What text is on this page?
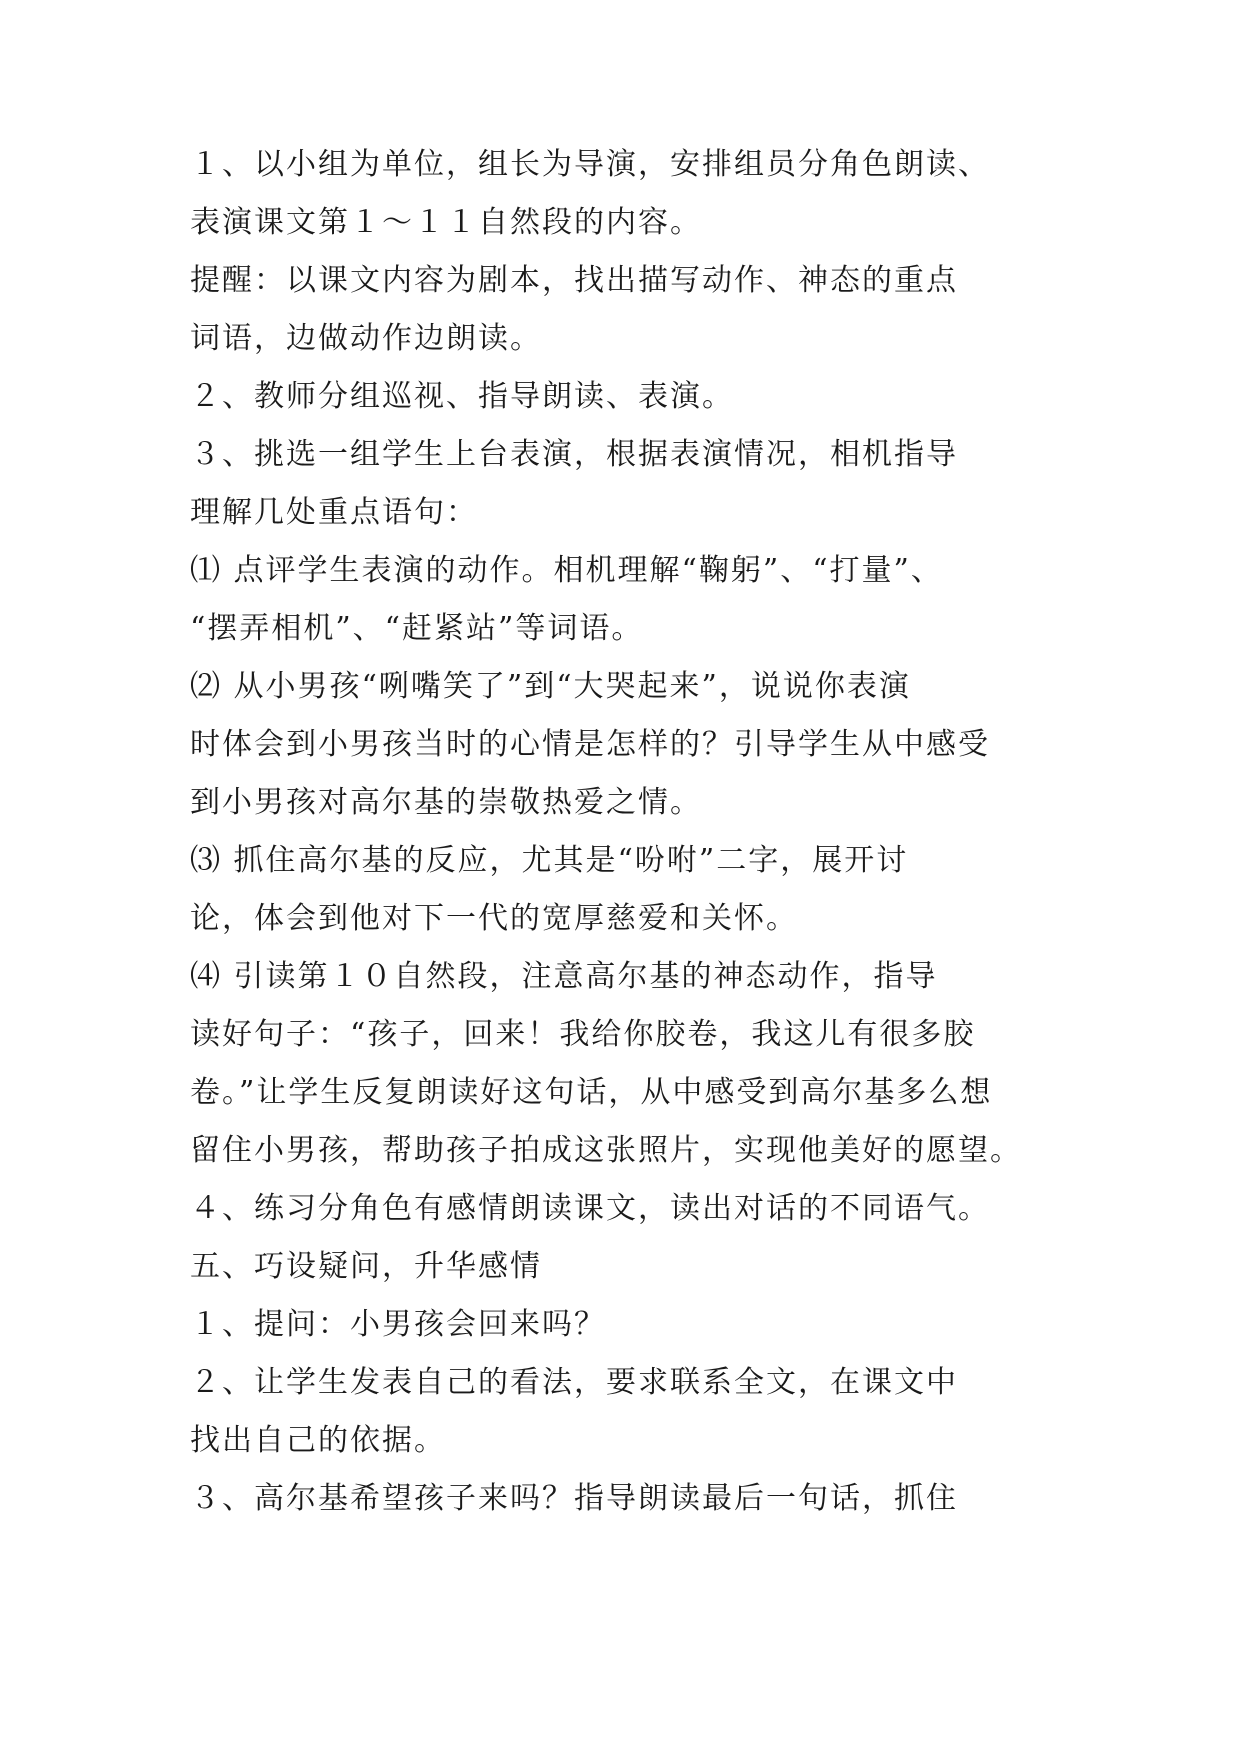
１、以小组为单位，组长为导演，安排组员分角色朗读、
表演课文第１～１１自然段的内容。
提醒：以课文内容为剧本，找出描写动作、神态的重点
词语，边做动作边朗读。
２、教师分组巡视、指导朗读、表演。
３、挑选一组学生上台表演，根据表演情况，相机指导
理解几处重点语句：
⑴ 点评学生表演的动作。相机理解“鞠躬”、“打量”、
“摆弄相机”、“赶紧站”等词语。
⑵ 从小男孩“咧嘴笑了”到“大哭起来”，说说你表演
时体会到小男孩当时的心情是怎样的？引导学生从中感受
到小男孩对高尔基的崇敬热爱之情。
⑶ 抓住高尔基的反应，尤其是“吩咐”二字，展开讨
论，体会到他对下一代的宽厚慈爱和关怀。
⑷ 引读第１０自然段，注意高尔基的神态动作，指导
读好句子：“孩子，回来！我给你胶卷，我这儿有很多胶
卷。”让学生反复朗读好这句话，从中感受到高尔基多么想
留住小男孩，帮助孩子拍成这张照片，实现他美好的愿望。
４、练习分角色有感情朗读课文，读出对话的不同语气。
五、巧设疑问，升华感情
１、提问：小男孩会回来吗？
２、让学生发表自己的看法，要求联系全文，在课文中
找出自己的依据。
３、高尔基希望孩子来吗？指导朗读最后一句话，抓住
